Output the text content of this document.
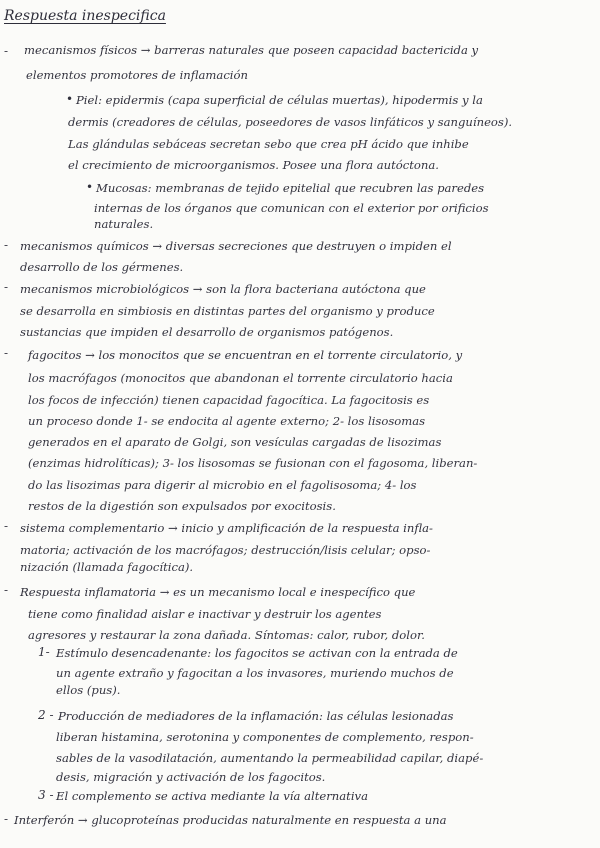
Respuesta inespecifica
- mecanismos físicos → barreras naturales que poseen capacidad bactericida y
elementos promotores de inflamación
• Piel: epidermis (capa superficial de células muertas), hipodermis y la
dermis (creadores de células, poseedores de vasos linfáticos y sanguíneos).
Las glándulas sebáceas secretan sebo que crea pH ácido que inhibe
el crecimiento de microorganismos. Posee una flora autóctona.
• Mucosas: membranas de tejido epitelial que recubren las paredes
internas de los órganos que comunican con el exterior por orificios
naturales.
- mecanismos químicos → diversas secreciones que destruyen o impiden el
desarrollo de los gérmenes.
- mecanismos microbiológicos → son la flora bacteriana autóctona que
se desarrolla en simbiosis en distintas partes del organismo y produce
sustancias que impiden el desarrollo de organismos patógenos.
- fagocitos → los monocitos que se encuentran en el torrente circulatorio, y
los macrófagos (monocitos que abandonan el torrente circulatorio hacia
los focos de infección) tienen capacidad fagocítica. La fagocitosis es
un proceso donde 1- se endocita al agente externo; 2- los lisosomas
generados en el aparato de Golgi, son vesículas cargadas de lisozimas
(enzimas hidrolíticas); 3- los lisosomas se fusionan con el fagosoma, liberan-
do las lisozimas para digerir al microbio en el fagolisosoma; 4- los
restos de la digestión son expulsados por exocitosis.
- sistema complementario → inicio y amplificación de la respuesta infla-
matoria; activación de los macrófagos; destrucción/lisis celular; opso-
nización (llamada fagocítica).
- Respuesta inflamatoria → es un mecanismo local e inespecífico que
tiene como finalidad aislar e inactivar y destruir los agentes
agresores y restaurar la zona dañada. Síntomas: calor, rubor, dolor.
1- Estímulo desencadenante: los fagocitos se activan con la entrada de
un agente extraño y fagocitan a los invasores, muriendo muchos de
ellos (pus).
2 - Producción de mediadores de la inflamación: las células lesionadas
liberan histamina, serotonina y componentes de complemento, respon-
sables de la vasodilatación, aumentando la permeabilidad capilar, diapé-
desis, migración y activación de los fagocitos.
3 - El complemento se activa mediante la vía alternativa
- Interferón → glucoproteínas producidas naturalmente en respuesta a una
